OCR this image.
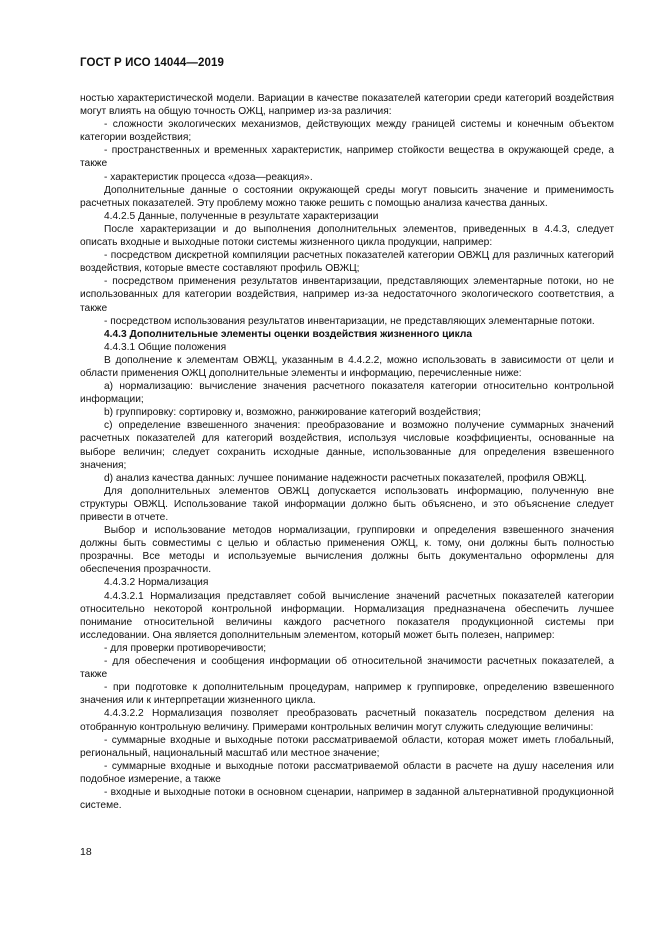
ГОСТ Р ИСО 14044—2019

ностью характеристической модели. Вариации в качестве показателей категории среди категорий воздействия могут влиять на общую точность ОЖЦ, например из-за различия:

- сложности экологических механизмов, действующих между границей системы и конечным объектом категории воздействия;

- пространственных и временных характеристик, например стойкости вещества в окружающей среде, а также

- характеристик процесса «доза—реакция».

Дополнительные данные о состоянии окружающей среды могут повысить значение и применимость расчетных показателей. Эту проблему можно также решить с помощью анализа качества данных.

4.4.2.5 Данные, полученные в результате характеризации

После характеризации и до выполнения дополнительных элементов, приведенных в 4.4.3, следует описать входные и выходные потоки системы жизненного цикла продукции, например:

- посредством дискретной компиляции расчетных показателей категории ОВЖЦ для различных категорий воздействия, которые вместе составляют профиль ОВЖЦ;

- посредством применения результатов инвентаризации, представляющих элементарные потоки, но не использованных для категории воздействия, например из-за недостаточного экологического соответствия, а также

- посредством использования результатов инвентаризации, не представляющих элементарные потоки.

4.4.3 Дополнительные элементы оценки воздействия жизненного цикла

4.4.3.1 Общие положения

В дополнение к элементам ОВЖЦ, указанным в 4.4.2.2, можно использовать в зависимости от цели и области применения ОЖЦ дополнительные элементы и информацию, перечисленные ниже:

a) нормализацию: вычисление значения расчетного показателя категории относительно контрольной информации;

b) группировку: сортировку и, возможно, ранжирование категорий воздействия;

c) определение взвешенного значения: преобразование и возможно получение суммарных значений расчетных показателей для категорий воздействия, используя числовые коэффициенты, основанные на выборе величин; следует сохранить исходные данные, использованные для определения взвешенного значения;

d) анализ качества данных: лучшее понимание надежности расчетных показателей, профиля ОВЖЦ.

Для дополнительных элементов ОВЖЦ допускается использовать информацию, полученную вне структуры ОВЖЦ. Использование такой информации должно быть объяснено, и это объяснение следует привести в отчете.

Выбор и использование методов нормализации, группировки и определения взвешенного значения должны быть совместимы с целью и областью применения ОЖЦ, к. тому, они должны быть полностью прозрачны. Все методы и используемые вычисления должны быть документально оформлены для обеспечения прозрачности.

4.4.3.2 Нормализация

4.4.3.2.1 Нормализация представляет собой вычисление значений расчетных показателей категории относительно некоторой контрольной информации. Нормализация предназначена обеспечить лучшее понимание относительной величины каждого расчетного показателя продукционной системы при исследовании. Она является дополнительным элементом, который может быть полезен, например:

- для проверки противоречивости;

- для обеспечения и сообщения информации об относительной значимости расчетных показателей, а также

- при подготовке к дополнительным процедурам, например к группировке, определению взвешенного значения или к интерпретации жизненного цикла.

4.4.3.2.2 Нормализация позволяет преобразовать расчетный показатель посредством деления на отобранную контрольную величину. Примерами контрольных величин могут служить следующие величины:

- суммарные входные и выходные потоки рассматриваемой области, которая может иметь глобальный, региональный, национальный масштаб или местное значение;

- суммарные входные и выходные потоки рассматриваемой области в расчете на душу населения или подобное измерение, а также

- входные и выходные потоки в основном сценарии, например в заданной альтернативной продукционной системе.

18
